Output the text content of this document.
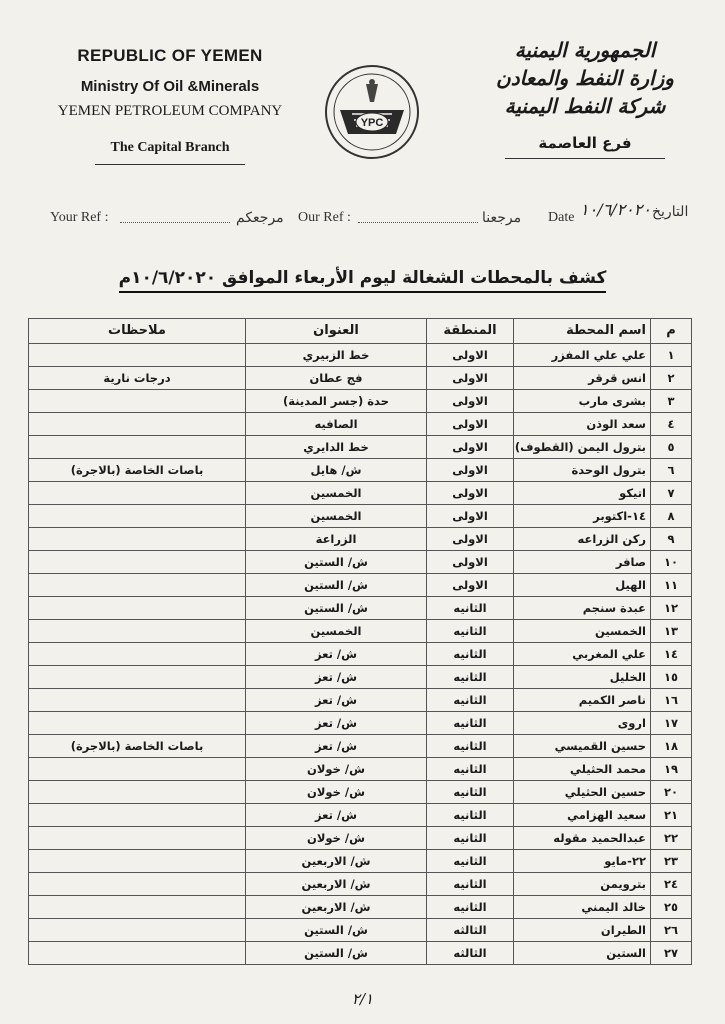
REPUBLIC OF YEMEN
Ministry Of Oil &Minerals
YEMEN PETROLEUM COMPANY
The Capital Branch
YPC
الجمهورية اليمنية
وزارة النفط والمعادن
شركة النفط اليمنية
فرع العاصمة
Your Ref :	مرجعكم Our Ref :	مرجعنا Date ١٠/٦/٢٠٢٠ التاريخ
كشف بالمحطات الشغالة ليوم الأربعاء الموافق ١٠/٦/٢٠٢٠م
م	اسم المحطة	المنطقة	العنوان	ملاحظات
١	علي علي المفزر	الاولى	خط الزبيري	
٢	انس قرقر	الاولى	فج عطان	درجات نارية
٣	بشرى مارب	الاولى	حدة (جسر المدينة)	
٤	سعد الوذن	الاولى	الصافيه	
٥	بترول اليمن (القطوف)	الاولى	خط الدايري	
٦	بترول الوحدة	الاولى	ش/ هايل	باصات الخاصة (بالاجرة)
٧	اتيكو	الاولى	الخمسين	
٨	١٤-اكتوبر	الاولى	الخمسين	
٩	ركن الزراعه	الاولى	الزراعة	
١٠	صافر	الاولى	ش/ الستين	
١١	الهيل	الاولى	ش/ الستين	
١٢	عبدة سنجم	الثانيه	ش/ الستين	
١٣	الخمسين	الثانيه	الخمسين	
١٤	علي المغربي	الثانيه	ش/ تعز	
١٥	الخليل	الثانيه	ش/ تعز	
١٦	ناصر الكميم	الثانيه	ش/ تعز	
١٧	اروى	الثانيه	ش/ تعز	
١٨	حسين القميسي	الثانيه	ش/ تعز	باصات الخاصة (بالاجرة)
١٩	محمد الحثيلي	الثانيه	ش/ خولان	
٢٠	حسين الحثيلي	الثانيه	ش/ خولان	
٢١	سعيد الهزامي	الثانيه	ش/ تعز	
٢٢	عبدالحميد مقوله	الثانيه	ش/ خولان	
٢٣	٢٢-مايو	الثانيه	ش/ الاربعين	
٢٤	بترويمن	الثانيه	ش/ الاربعين	
٢٥	خالد اليمني	الثانيه	ش/ الاربعين	
٢٦	الطيران	الثالثه	ش/ الستين	
٢٧	الستين	الثالثه	ش/ الستين	
٢/١
